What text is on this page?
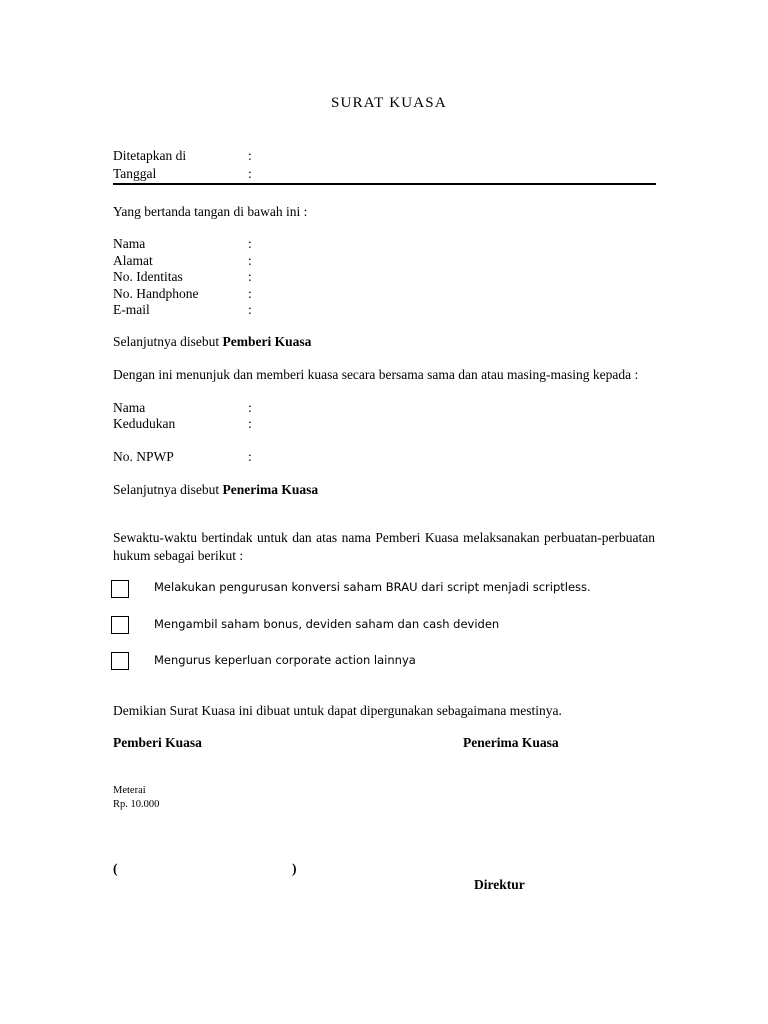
SURAT KUASA
Ditetapkan di	:
Tanggal	:
Yang bertanda tangan di bawah ini :
Nama	:
Alamat	:
No. Identitas	:
No. Handphone	:
E-mail	:
Selanjutnya disebut Pemberi Kuasa
Dengan ini menunjuk dan memberi kuasa secara bersama sama dan atau masing-masing kepada :
Nama	:
Kedudukan	:
No. NPWP	:
Selanjutnya disebut Penerima Kuasa
Sewaktu-waktu bertindak untuk dan atas nama Pemberi Kuasa melaksanakan perbuatan-perbuatan hukum sebagai berikut :
Melakukan pengurusan konversi saham BRAU dari script menjadi scriptless.
Mengambil saham bonus, deviden saham dan cash deviden
Mengurus keperluan corporate action lainnya
Demikian Surat Kuasa ini dibuat untuk dapat dipergunakan sebagaimana mestinya.
Pemberi Kuasa	Penerima Kuasa
Meterai
Rp. 10.000
(	)
Direktur
